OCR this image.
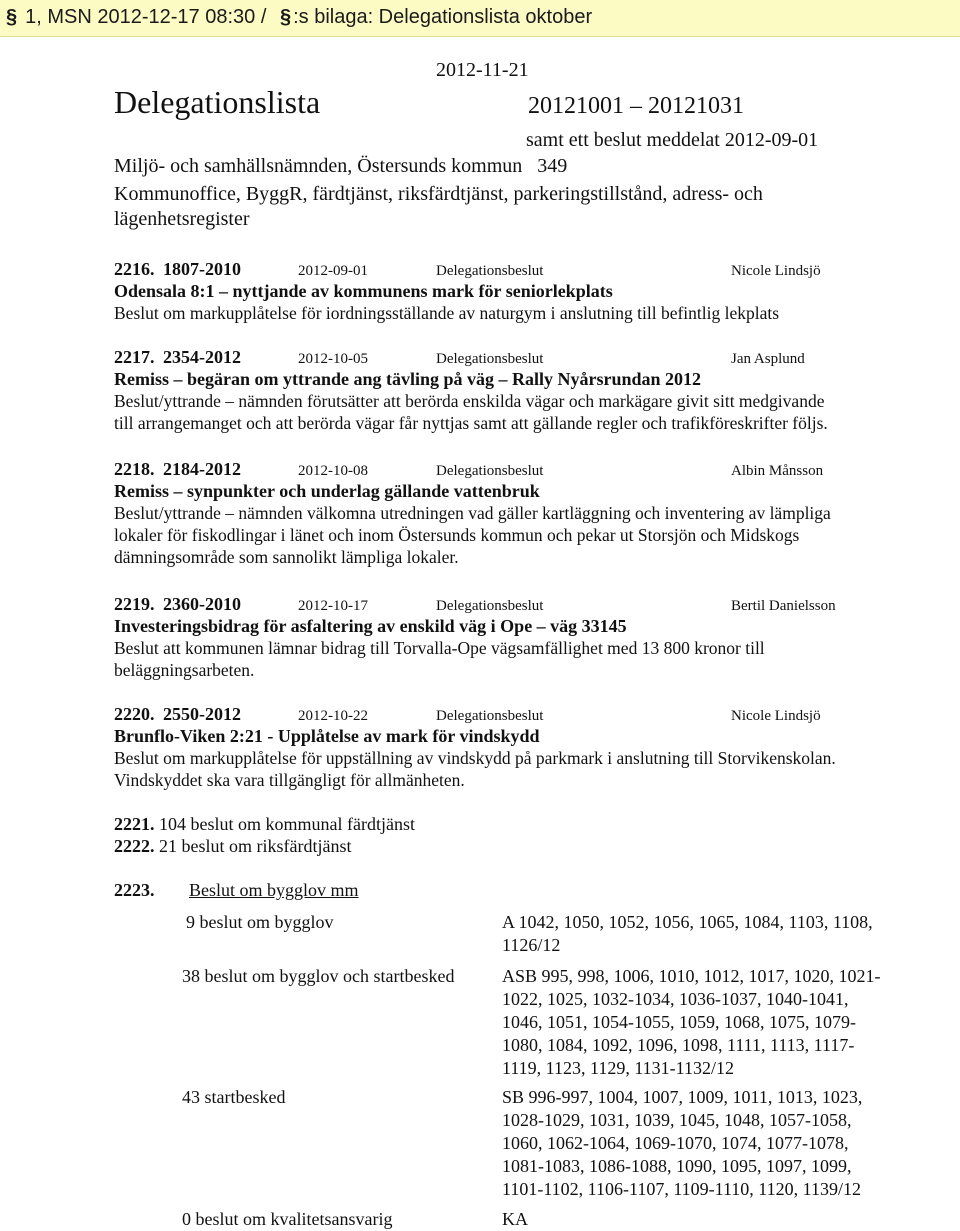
§ 1, MSN 2012-12-17 08:30 / § :s bilaga: Delegationslista oktober
2012-11-21
Delegationslista	20121001 – 20121031
samt ett beslut meddelat 2012-09-01
Miljö- och samhällsnämnden, Östersunds kommun 349
Kommunoffice, ByggR, färdtjänst, riksfärdtjänst, parkeringstillstånd, adress- och
lägenhetsregister
2216. 1807-2010	2012-09-01	Delegationsbeslut	Nicole Lindsjö
Odensala 8:1 – nyttjande av kommunens mark för seniorlekplats
Beslut om markupplåtelse för iordningsställande av naturgym i anslutning till befintlig lekplats
2217. 2354-2012	2012-10-05	Delegationsbeslut	Jan Asplund
Remiss – begäran om yttrande ang tävling på väg – Rally Nyårsrundan 2012
Beslut/yttrande – nämnden förutsätter att berörda enskilda vägar och markägare givit sitt medgivande
till arrangemanget och att berörda vägar får nyttjas samt att gällande regler och trafikföreskrifter följs.
2218. 2184-2012	2012-10-08	Delegationsbeslut	Albin Månsson
Remiss – synpunkter och underlag gällande vattenbruk
Beslut/yttrande – nämnden välkomna utredningen vad gäller kartläggning och inventering av lämpliga
lokaler för fiskodlingar i länet och inom Östersunds kommun och pekar ut Storsjön och Midskogs
dämningsområde som sannolikt lämpliga lokaler.
2219. 2360-2010	2012-10-17	Delegationsbeslut	Bertil Danielsson
Investeringsbidrag för asfaltering av enskild väg i Ope – väg 33145
Beslut att kommunen lämnar bidrag till Torvalla-Ope vägsamfällighet med 13 800 kronor till
beläggningsarbeten.
2220. 2550-2012	2012-10-22	Delegationsbeslut	Nicole Lindsjö
Brunflo-Viken 2:21 - Upplåtelse av mark för vindskydd
Beslut om markupplåtelse för uppställning av vindskydd på parkmark i anslutning till Storvikenskolan.
Vindskyddet ska vara tillgängligt för allmänheten.
2221. 104 beslut om kommunal färdtjänst
2222. 21 beslut om riksfärdtjänst
2223. Beslut om bygglov mm
9 beslut om bygglov	A 1042, 1050, 1052, 1056, 1065, 1084, 1103, 1108,
1126/12
38 beslut om bygglov och startbesked	ASB 995, 998, 1006, 1010, 1012, 1017, 1020, 1021-
1022, 1025, 1032-1034, 1036-1037, 1040-1041,
1046, 1051, 1054-1055, 1059, 1068, 1075, 1079-
1080, 1084, 1092, 1096, 1098, 1111, 1113, 1117-
1119, 1123, 1129, 1131-1132/12
43 startbesked	SB 996-997, 1004, 1007, 1009, 1011, 1013, 1023,
1028-1029, 1031, 1039, 1045, 1048, 1057-1058,
1060, 1062-1064, 1069-1070, 1074, 1077-1078,
1081-1083, 1086-1088, 1090, 1095, 1097, 1099,
1101-1102, 1106-1107, 1109-1110, 1120, 1139/12
0 beslut om kvalitetsansvarig	KA
